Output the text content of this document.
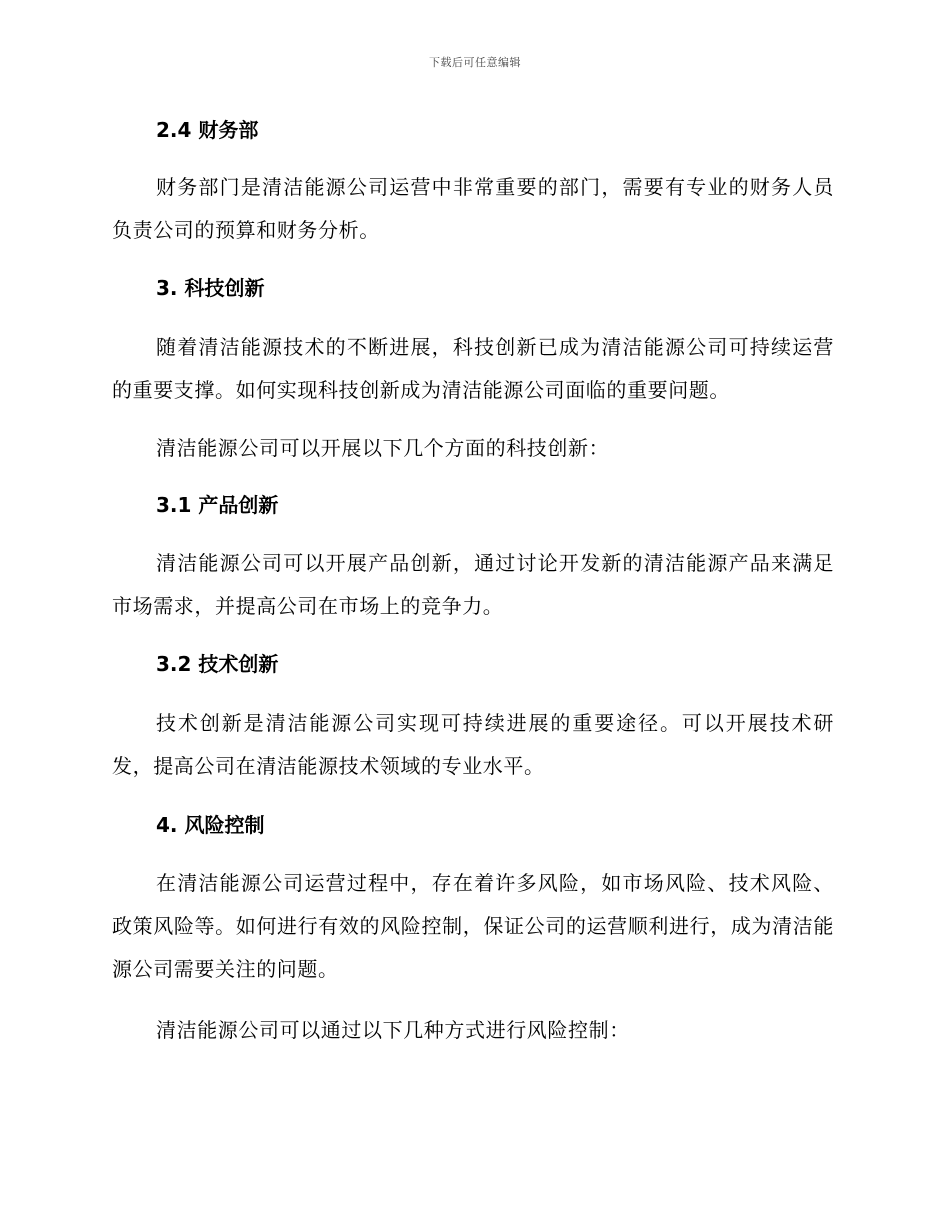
下载后可任意编辑
2.4 财务部
财务部门是清洁能源公司运营中非常重要的部门，需要有专业的财务人员负责公司的预算和财务分析。
3. 科技创新
随着清洁能源技术的不断进展，科技创新已成为清洁能源公司可持续运营的重要支撑。如何实现科技创新成为清洁能源公司面临的重要问题。
清洁能源公司可以开展以下几个方面的科技创新：
3.1 产品创新
清洁能源公司可以开展产品创新，通过讨论开发新的清洁能源产品来满足市场需求，并提高公司在市场上的竞争力。
3.2 技术创新
技术创新是清洁能源公司实现可持续进展的重要途径。可以开展技术研发，提高公司在清洁能源技术领域的专业水平。
4. 风险控制
在清洁能源公司运营过程中，存在着许多风险，如市场风险、技术风险、政策风险等。如何进行有效的风险控制，保证公司的运营顺利进行，成为清洁能源公司需要关注的问题。
清洁能源公司可以通过以下几种方式进行风险控制：
